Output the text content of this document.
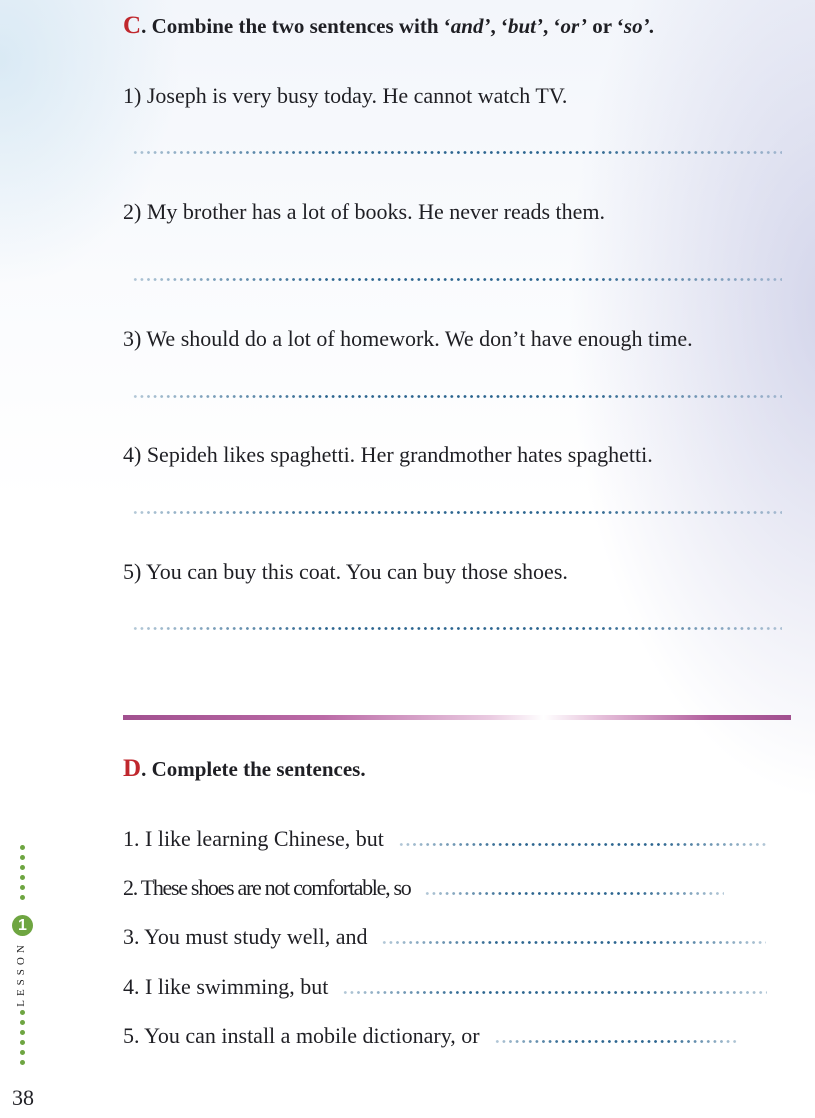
C. Combine the two sentences with ‘and’, ‘but’, ‘or’ or ‘so’.
1) Joseph is very busy today. He cannot watch TV.
2) My brother has a lot of books. He never reads them.
3) We should do a lot of homework. We don’t have enough time.
4) Sepideh likes spaghetti. Her grandmother hates spaghetti.
5) You can buy this coat. You can buy those shoes.
D. Complete the sentences.
1. I like learning Chinese, but
2. These shoes are not comfortable, so
3. You must study well, and
4. I like swimming, but
5. You can install a mobile dictionary, or
1
LESSON
38
